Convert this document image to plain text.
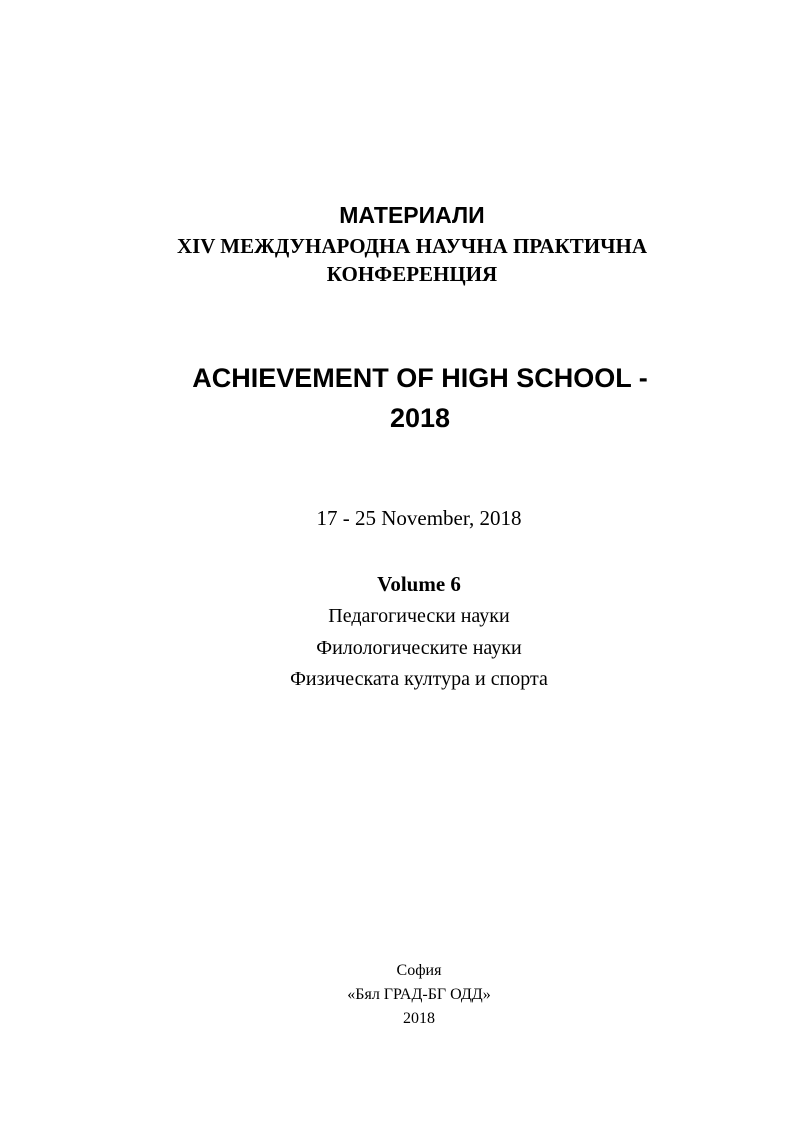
МАТЕРИАЛИ
XIV МЕЖДУНАРОДНА НАУЧНА ПРАКТИЧНА
КОНФЕРЕНЦИЯ
ACHIEVEMENT OF HIGH SCHOOL -
2018
17 - 25 November, 2018
Volume 6
Педагогически науки
Филологическите науки
Физическата култура и спорта
София
«Бял ГРАД-БГ ОДД»
2018
